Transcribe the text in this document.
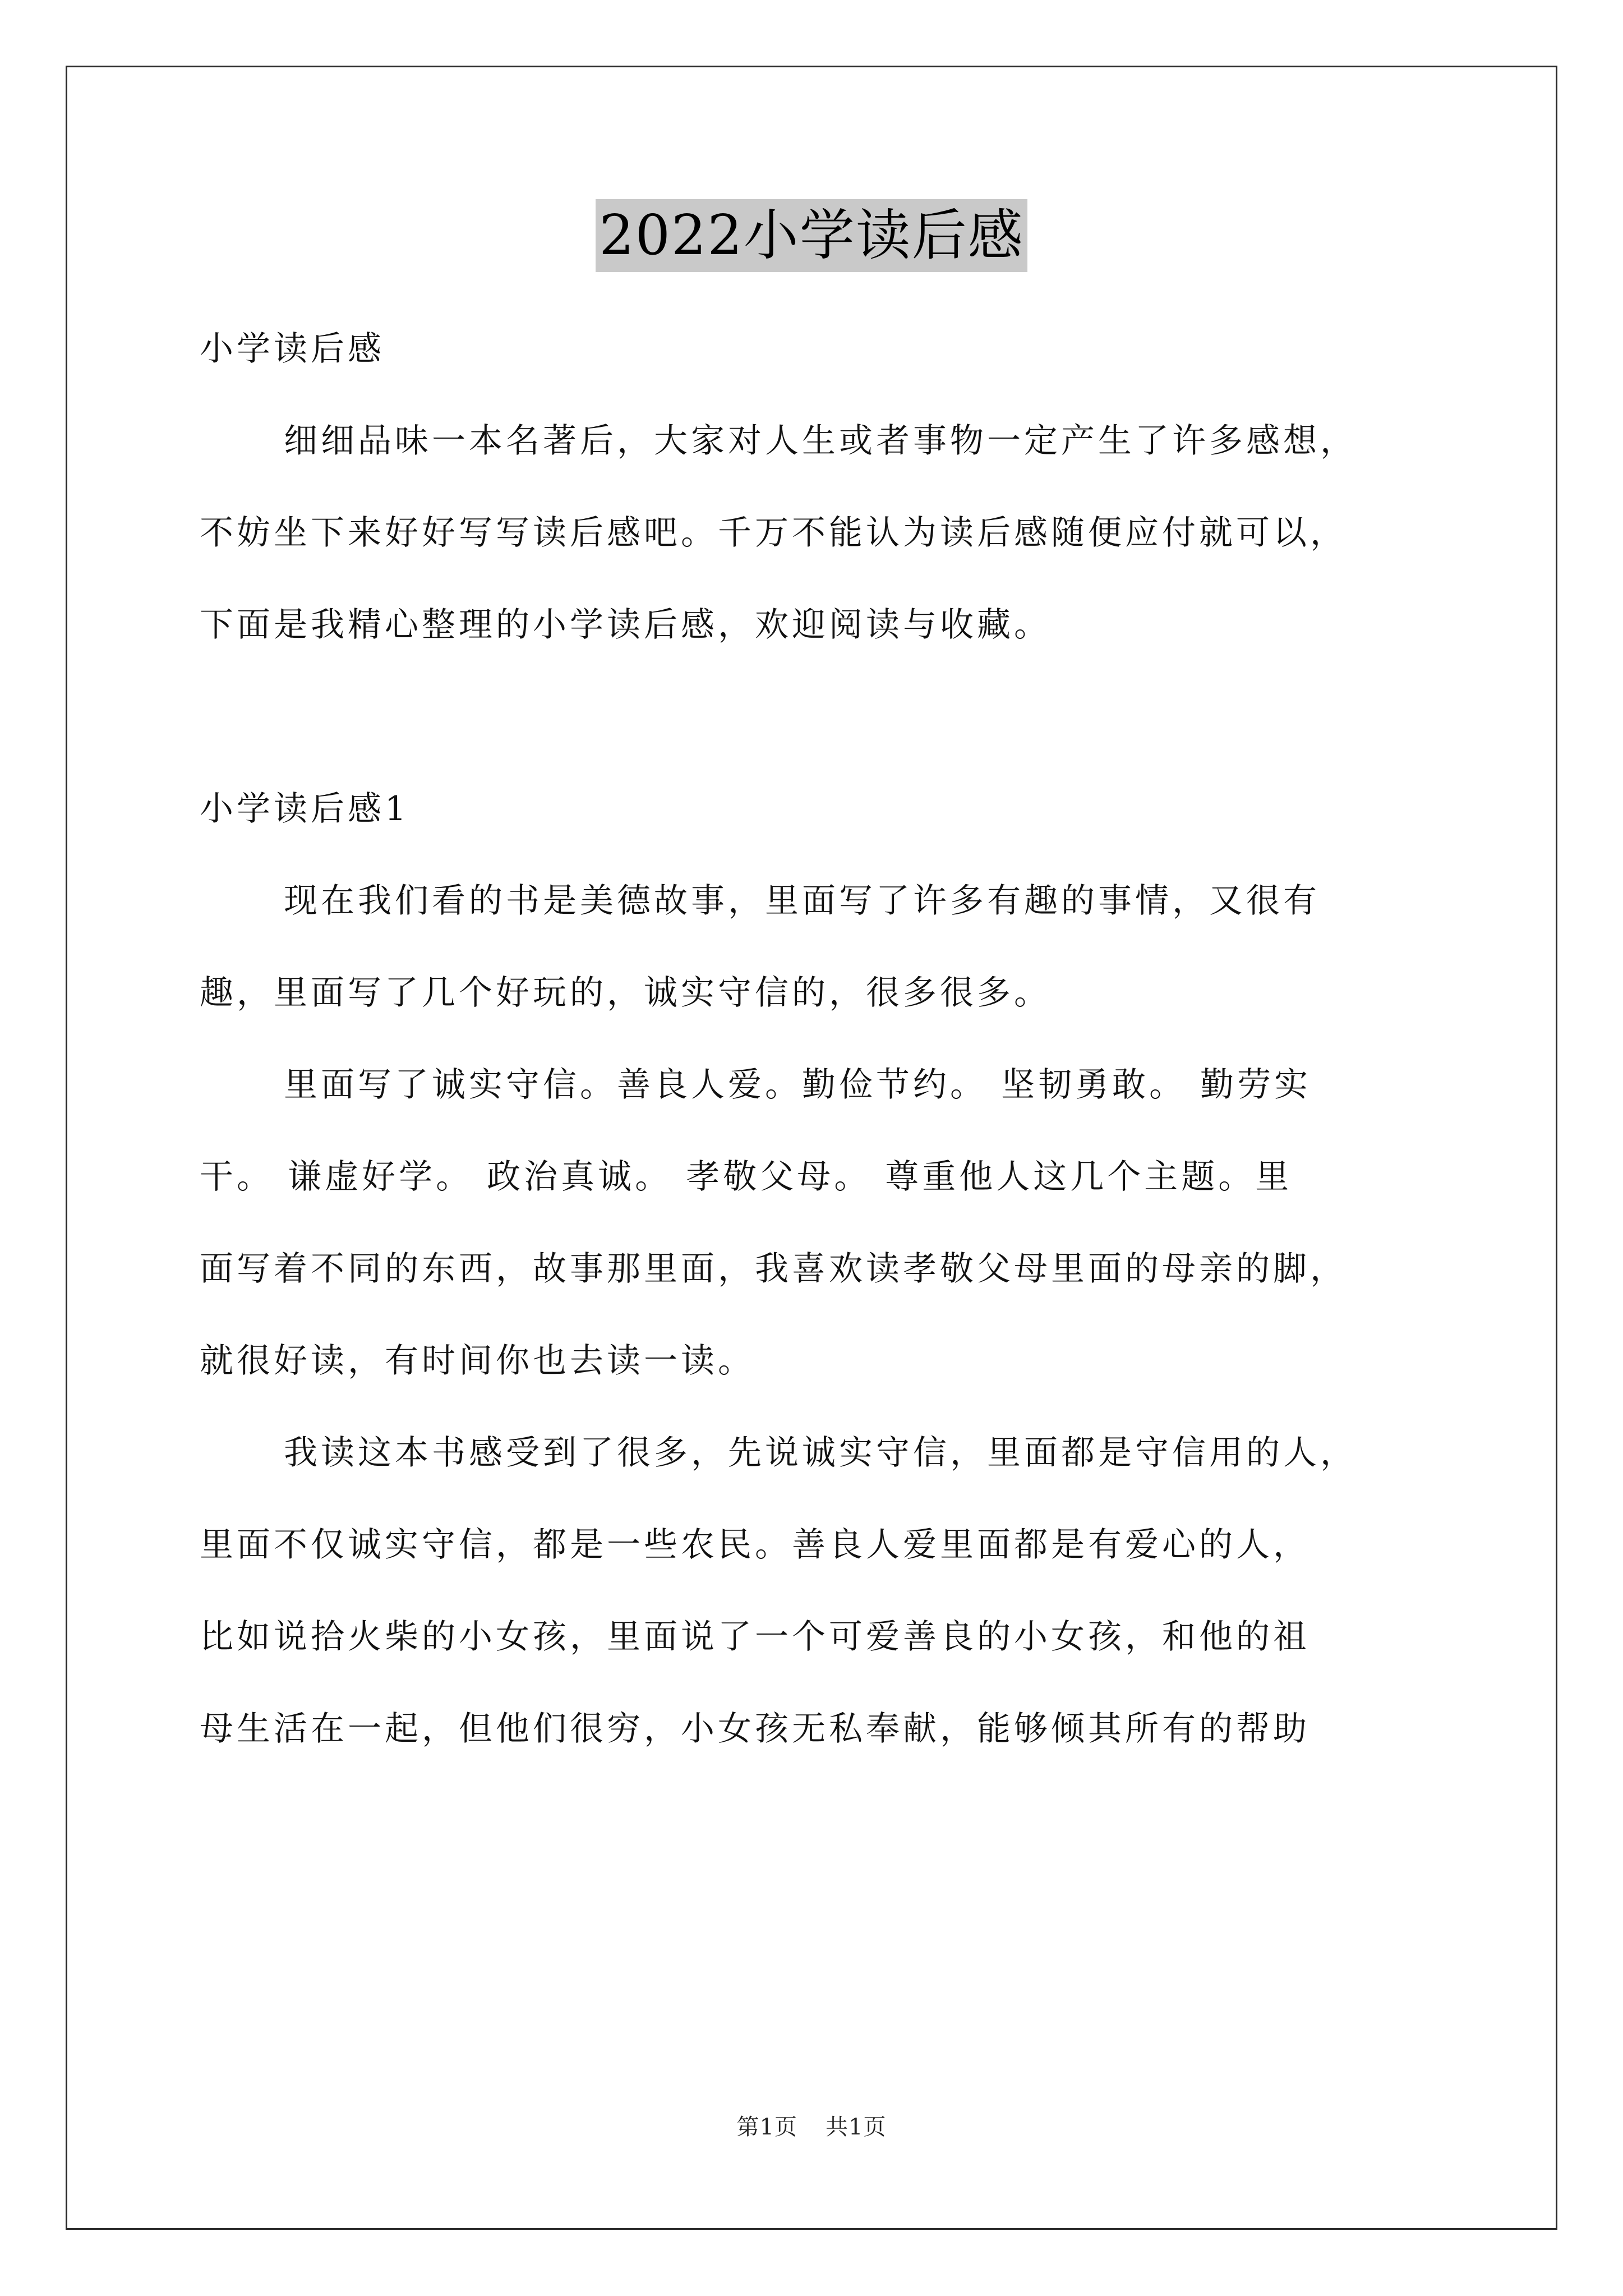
2022小学读后感

小学读后感

细细品味一本名著后，大家对人生或者事物一定产生了许多感想，
不妨坐下来好好写写读后感吧。千万不能认为读后感随便应付就可以，
下面是我精心整理的小学读后感，欢迎阅读与收藏。

小学读后感1

现在我们看的书是美德故事，里面写了许多有趣的事情，又很有
趣，里面写了几个好玩的，诚实守信的，很多很多。

里面写了诚实守信。善良人爱。勤俭节约。 坚韧勇敢。 勤劳实
干。 谦虚好学。 政治真诚。 孝敬父母。 尊重他人这几个主题。里
面写着不同的东西，故事那里面，我喜欢读孝敬父母里面的母亲的脚，
就很好读，有时间你也去读一读。

我读这本书感受到了很多，先说诚实守信，里面都是守信用的人，
里面不仅诚实守信，都是一些农民。善良人爱里面都是有爱心的人，
比如说拾火柴的小女孩，里面说了一个可爱善良的小女孩，和他的祖
母生活在一起，但他们很穷，小女孩无私奉献，能够倾其所有的帮助

第1页 共1页
